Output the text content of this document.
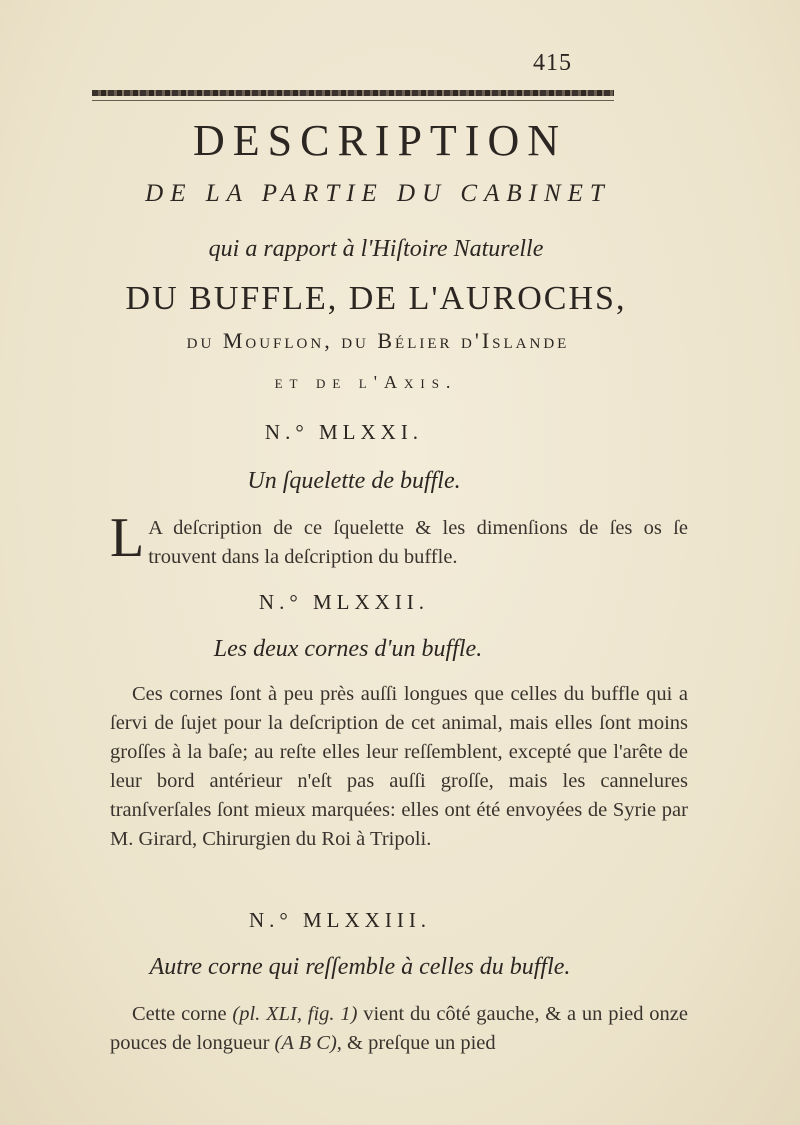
415
DESCRIPTION
DE LA PARTIE DU CABINET
qui a rapport à l'Hiſtoire Naturelle
DU BUFFLE, DE L'AUROCHS,
du Mouflon, du Bélier d'Islande
et de l'Axis.
N.° MLXXI.
Un ſquelette de buffle.
L A deſcription de ce ſquelette & les dimenſions de ſes os ſe trouvent dans la deſcription du buffle.
N.° MLXXII.
Les deux cornes d'un buffle.
Ces cornes ſont à peu près auſſi longues que celles du buffle qui a ſervi de ſujet pour la deſcription de cet animal, mais elles ſont moins groſſes à la baſe; au reſte elles leur reſſemblent, excepté que l'arête de leur bord antérieur n'eſt pas auſſi groſſe, mais les cannelures tranſverſales ſont mieux marquées: elles ont été envoyées de Syrie par M. Girard, Chirurgien du Roi à Tripoli.
N.° MLXXIII.
Autre corne qui reſſemble à celles du buffle.
Cette corne (pl. XLI, fig. 1) vient du côté gauche, & a un pied onze pouces de longueur (A B C), & preſque un pied
